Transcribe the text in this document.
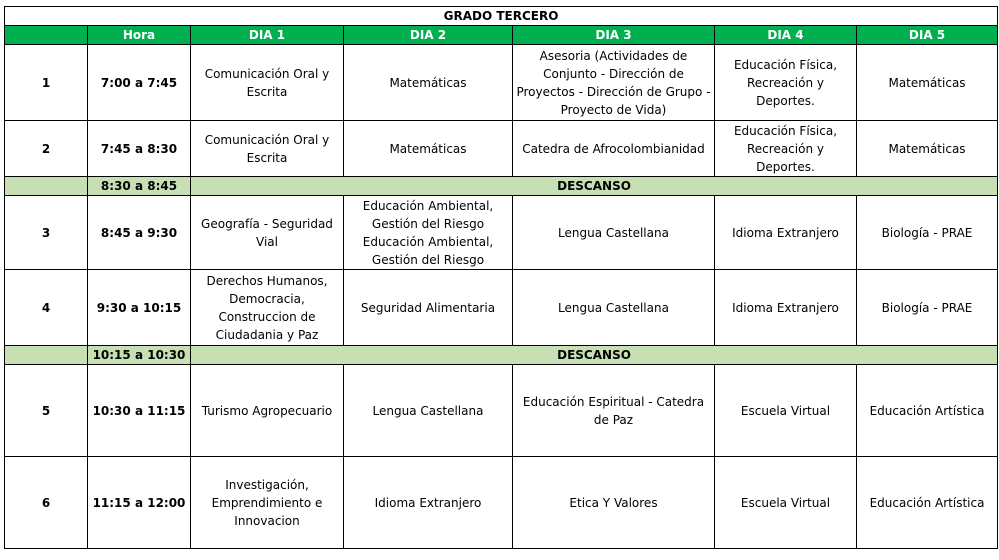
GRADO TERCERO						
	Hora	DIA 1	DIA 2	DIA 3	DIA 4	DIA 5
1	7:00 a 7:45	Comunicación Oral y Escrita	Matemáticas	Asesoria (Actividades de Conjunto - Dirección de Proyectos - Dirección de Grupo - Proyecto de Vida)	Educación Física, Recreación y Deportes.	Matemáticas
2	7:45 a 8:30	Comunicación Oral y Escrita	Matemáticas	Catedra de Afrocolombianidad	Educación Física, Recreación y Deportes.	Matemáticas
	8:30 a 8:45	DESCANSO				
3	8:45 a 9:30	Geografía - Seguridad Vial	Educación Ambiental, Gestión del Riesgo Educación Ambiental, Gestión del Riesgo	Lengua Castellana	Idioma Extranjero	Biología - PRAE
4	9:30 a 10:15	Derechos Humanos, Democracia, Construccion de Ciudadania y Paz	Seguridad Alimentaria	Lengua Castellana	Idioma Extranjero	Biología - PRAE
	10:15 a 10:30	DESCANSO				
5	10:30 a 11:15	Turismo Agropecuario	Lengua Castellana	Educación Espiritual - Catedra de Paz	Escuela Virtual	Educación Artística
6	11:15 a 12:00	Investigación, Emprendimiento e Innovacion	Idioma Extranjero	Etica Y Valores	Escuela Virtual	Educación Artística
